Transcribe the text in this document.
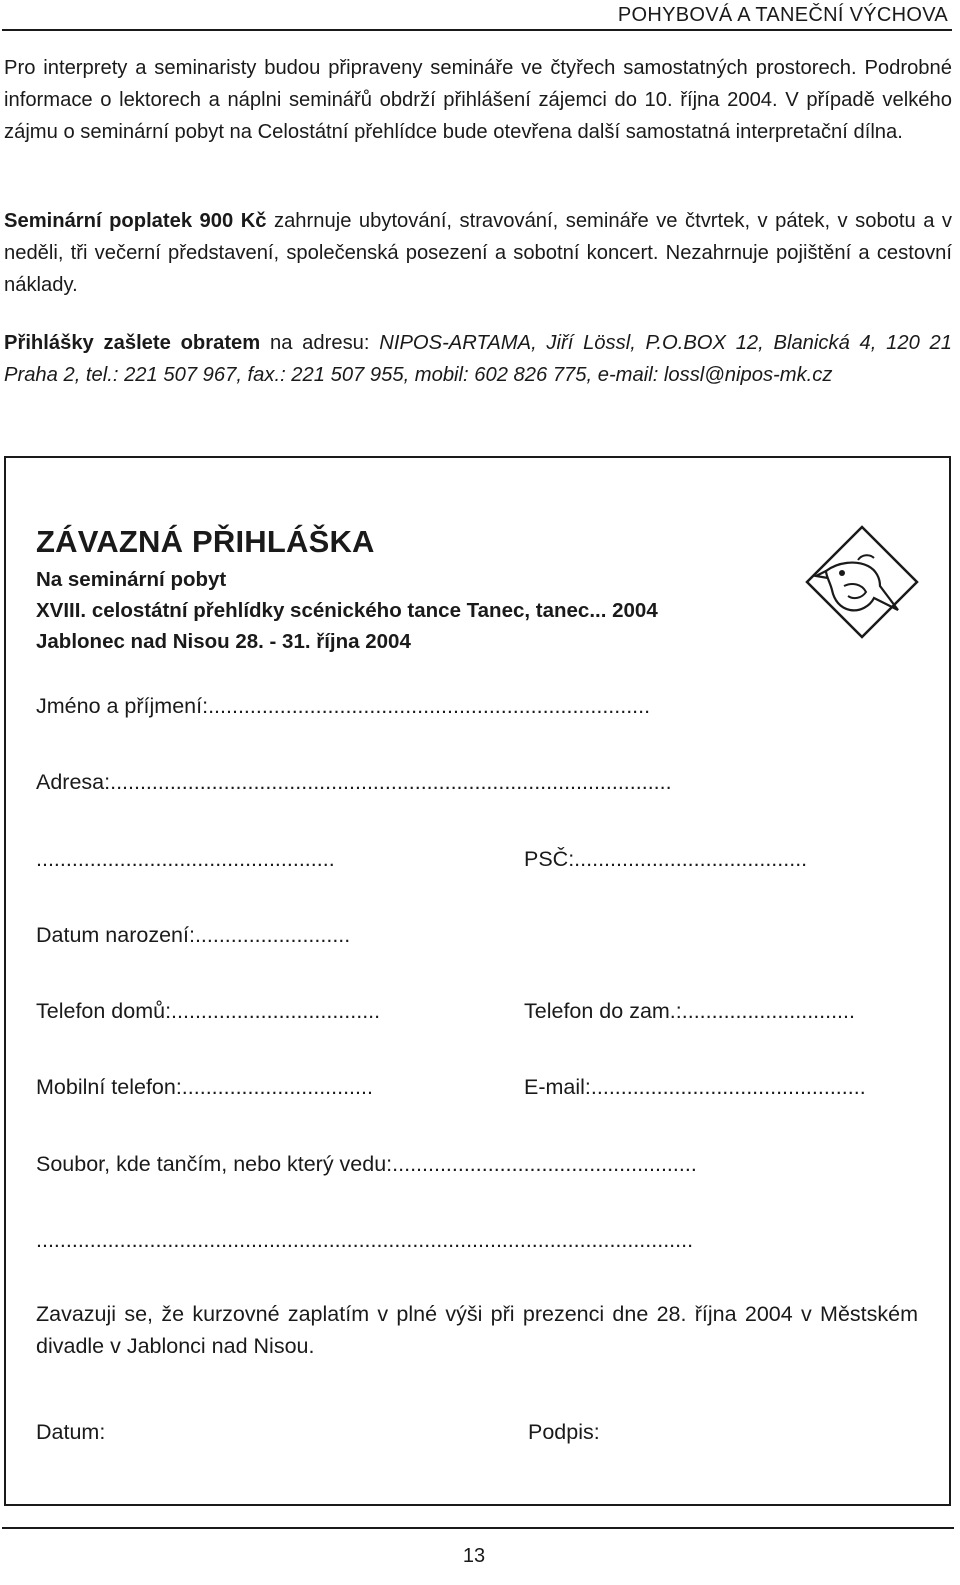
POHYBOVÁ A TANEČNÍ VÝCHOVA
Pro interprety a seminaristy budou připraveny semináře ve čtyřech samostatných prostorech. Podrobné informace o lektorech a náplni seminářů obdrží přihlášení zájemci do 10. října 2004. V případě velkého zájmu o seminární pobyt na Celostátní přehlídce bude otevřena další samostatná interpretační dílna.
Seminární poplatek 900 Kč zahrnuje ubytování, stravování, semináře ve čtvrtek, v pátek, v sobotu a v neděli, tři večerní představení, společenská posezení a sobotní koncert. Nezahrnuje pojištění a cestovní náklady.
Přihlášky zašlete obratem na adresu: NIPOS-ARTAMA, Jiří Lössl, P.O.BOX 12, Blanická 4, 120 21 Praha 2, tel.: 221 507 967, fax.: 221 507 955, mobil: 602 826 775, e-mail: lossl@nipos-mk.cz
ZÁVAZNÁ PŘIHLÁŠKA
Na seminární pobyt
XVIII. celostátní přehlídky scénického tance Tanec, tanec... 2004
Jablonec nad Nisou 28. - 31. října 2004
Jméno a příjmení:..........................................................................
Adresa:..............................................................................................
..................................................	PSČ:.......................................
Datum narození:..........................
Telefon domů:...................................	Telefon do zam.:.............................
Mobilní telefon:................................	E-mail:..............................................
Soubor, kde tančím, nebo který vedu:...................................................
..............................................................................................................
Zavazuji se, že kurzovné zaplatím v plné výši při prezenci dne 28. října 2004 v Městském divadle v Jablonci nad Nisou.
Datum:	Podpis:
13
